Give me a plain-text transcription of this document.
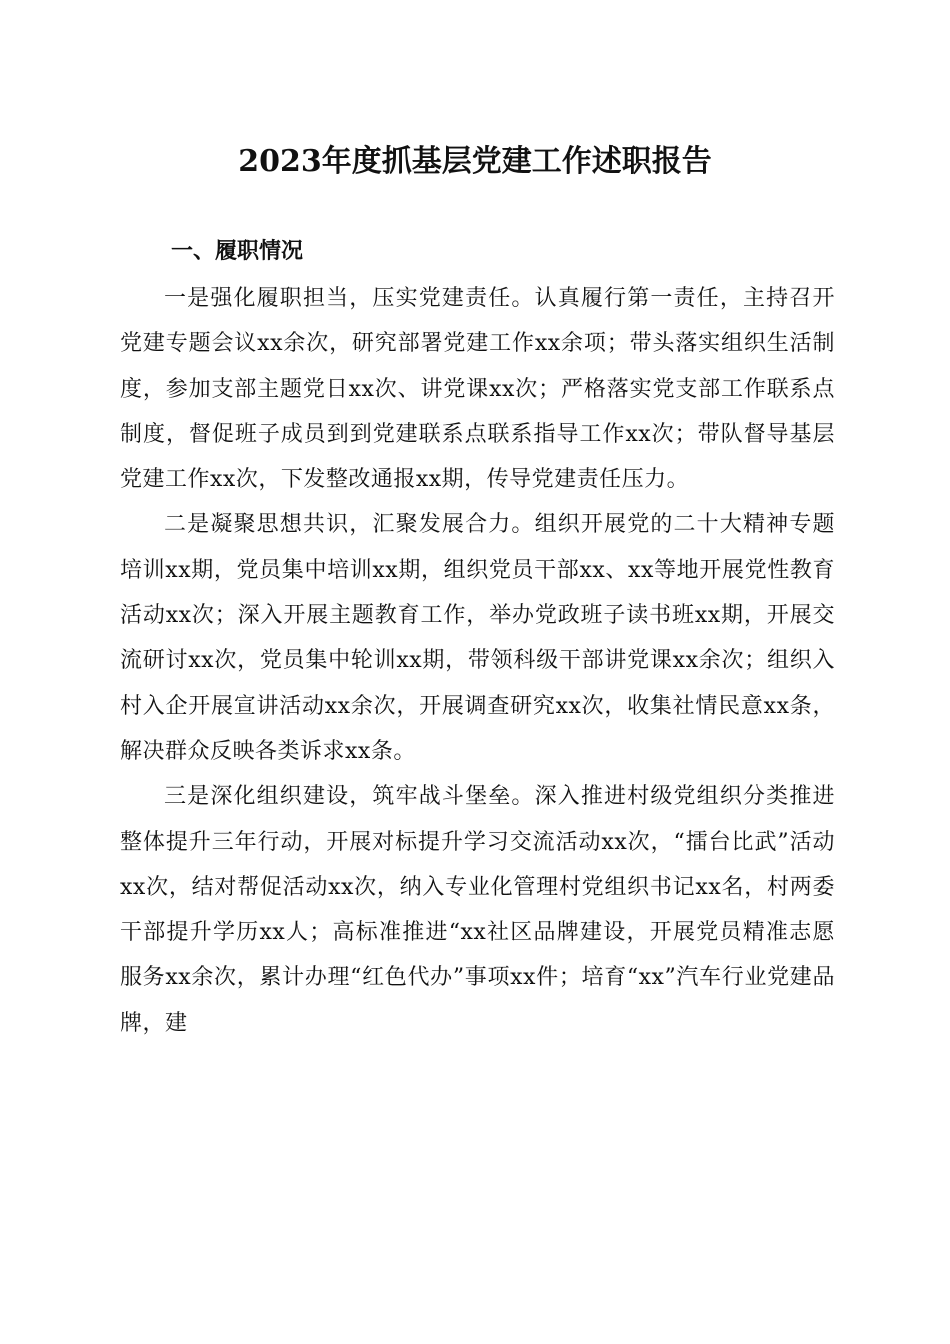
2023年度抓基层党建工作述职报告
一、履职情况

一是强化履职担当，压实党建责任。认真履行第一责任，主持召开党建专题会议xx余次，研究部署党建工作xx余项；带头落实组织生活制度，参加支部主题党日xx次、讲党课xx次；严格落实党支部工作联系点制度，督促班子成员到到党建联系点联系指导工作xx次；带队督导基层党建工作xx次，下发整改通报xx期，传导党建责任压力。

二是凝聚思想共识，汇聚发展合力。组织开展党的二十大精神专题培训xx期，党员集中培训xx期，组织党员干部xx、xx等地开展党性教育活动xx次；深入开展主题教育工作，举办党政班子读书班xx期，开展交流研讨xx次，党员集中轮训xx期，带领科级干部讲党课xx余次；组织入村入企开展宣讲活动xx余次，开展调查研究xx次，收集社情民意xx条，解决群众反映各类诉求xx条。

三是深化组织建设，筑牢战斗堡垒。深入推进村级党组织分类推进整体提升三年行动，开展对标提升学习交流活动xx次，“擂台比武”活动xx次，结对帮促活动xx次，纳入专业化管理村党组织书记xx名，村两委干部提升学历xx人；高标准推进“xx社区品牌建设，开展党员精准志愿服务xx余次，累计办理“红色代办”事项xx件；培育“xx”汽车行业党建品牌，建
